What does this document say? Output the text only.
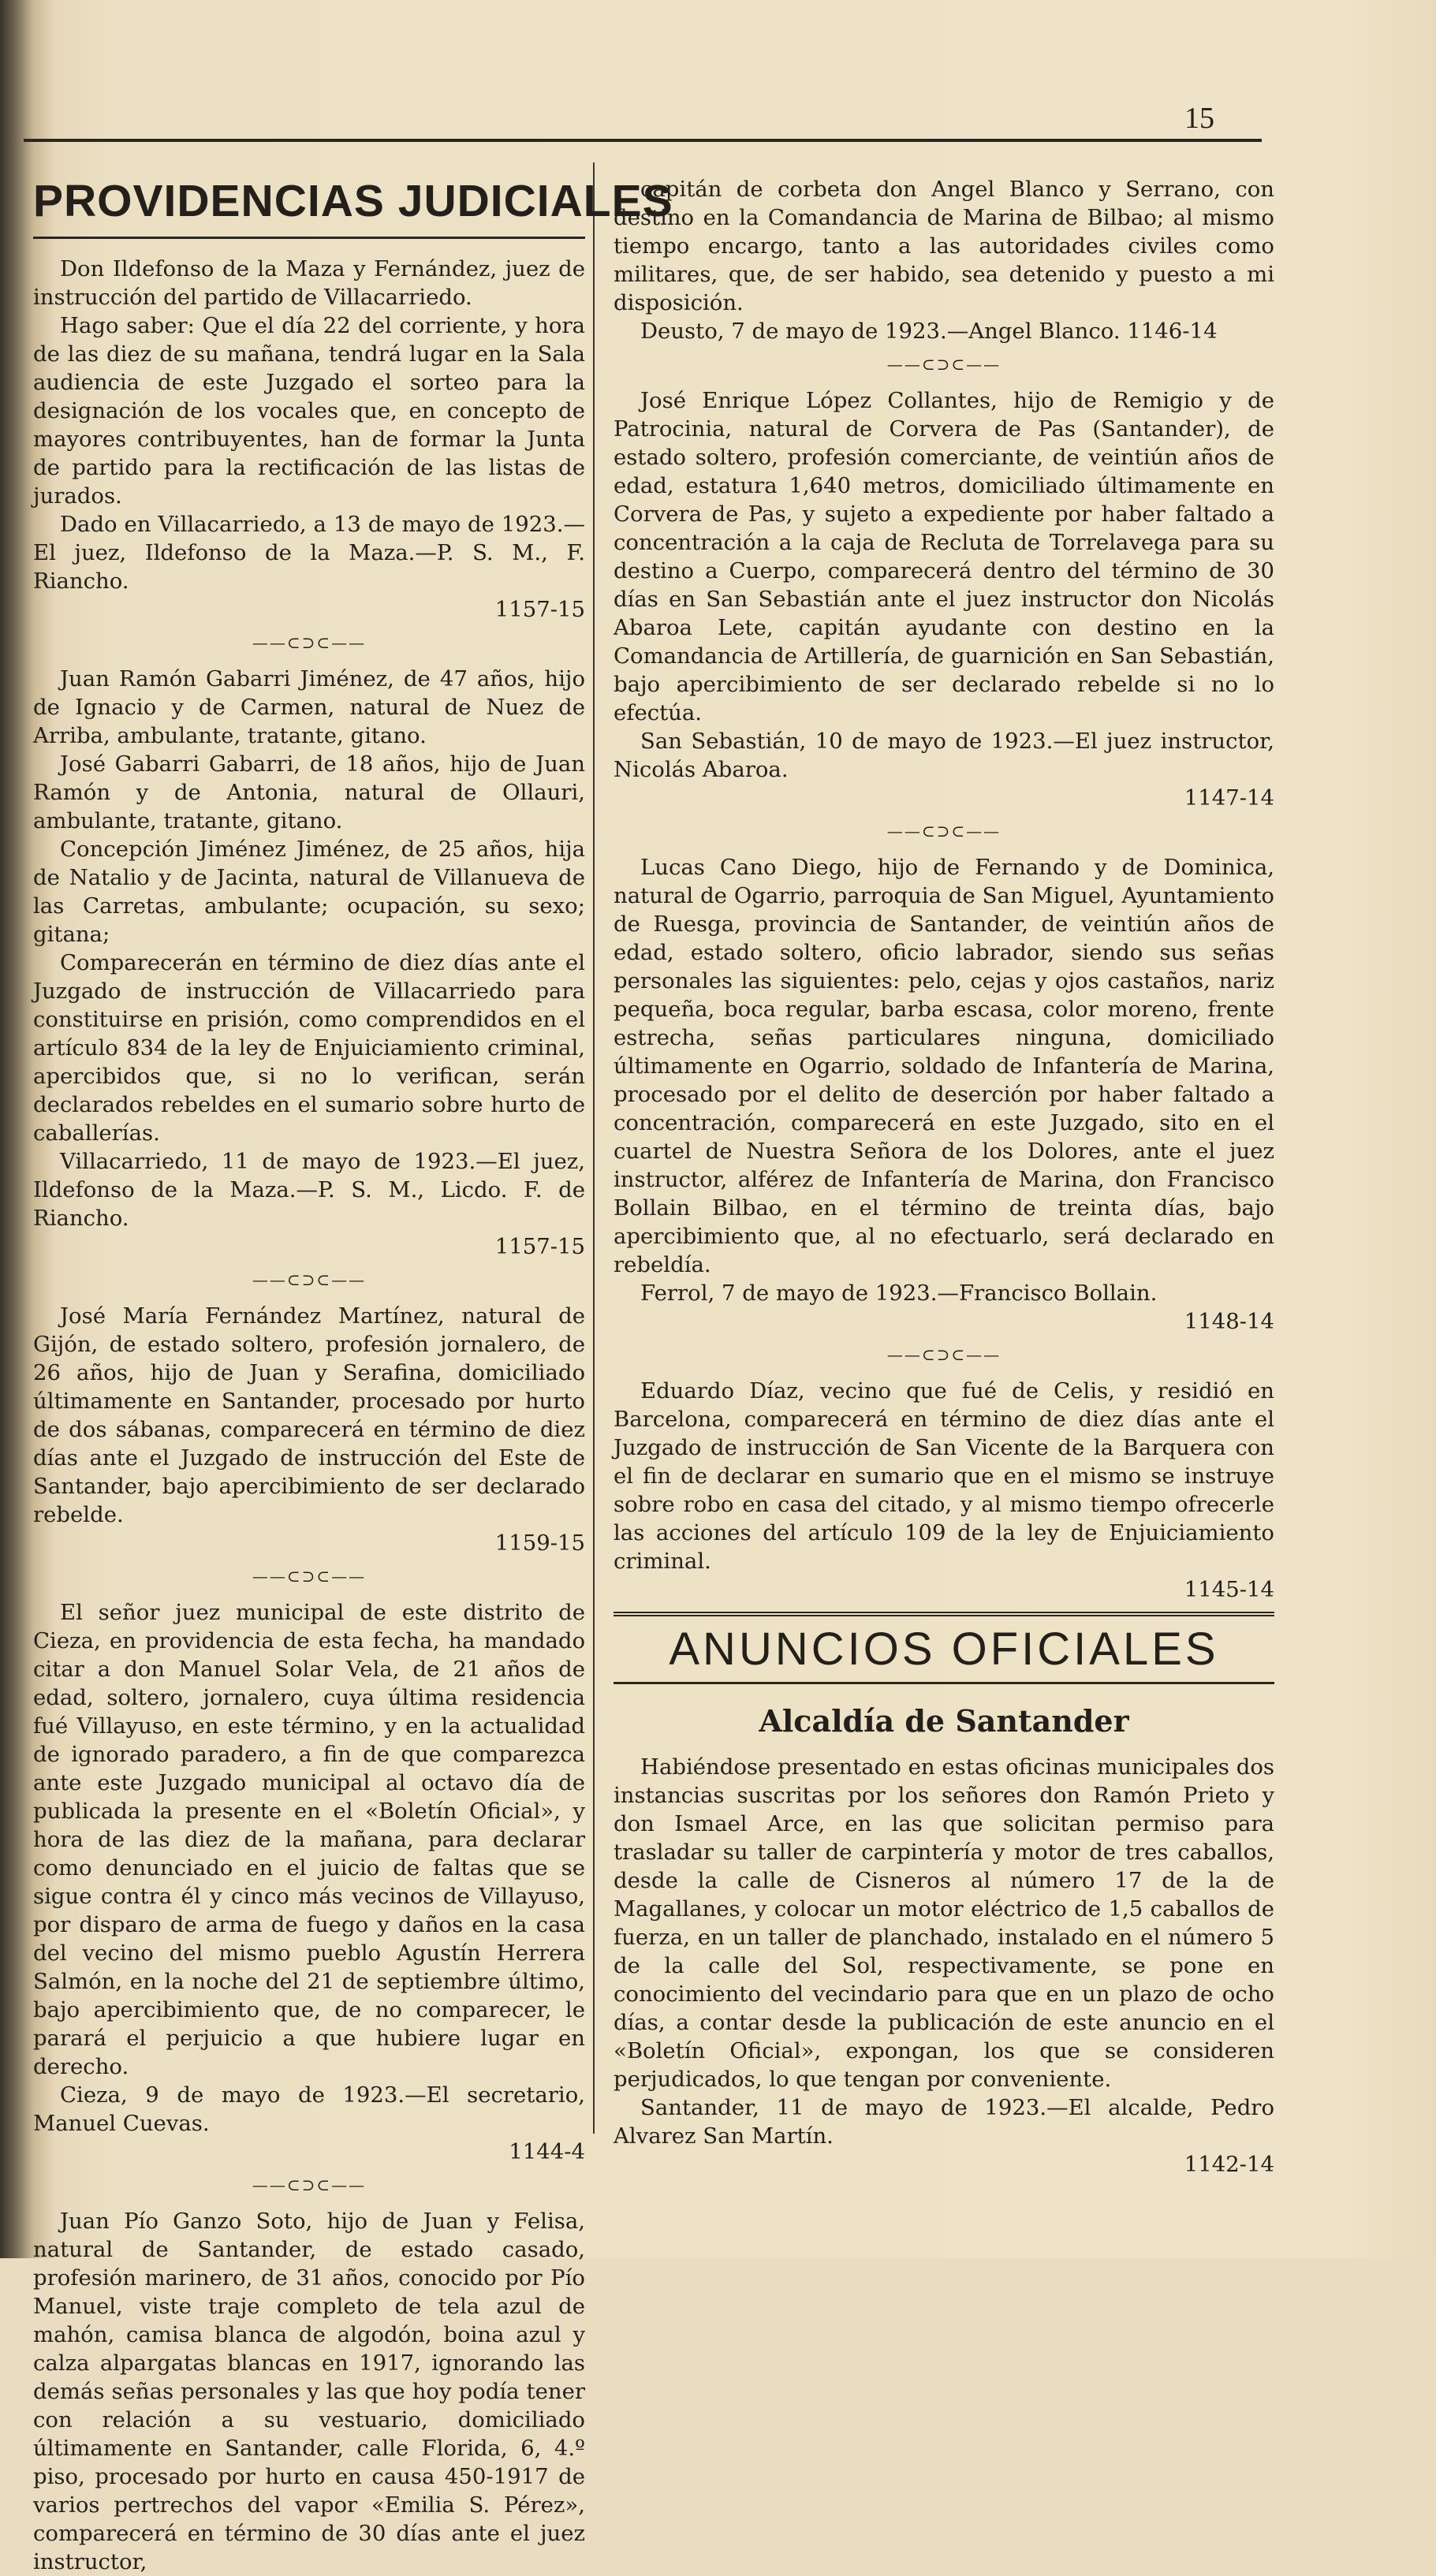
15
PROVIDENCIAS JUDICIALES

Don Ildefonso de la Maza y Fernández, juez de instrucción del partido de Villacarriedo.

Hago saber: Que el día 22 del corriente, y hora de las diez de su mañana, tendrá lugar en la Sala audiencia de este Juzgado el sorteo para la designación de los vocales que, en concepto de mayores contribuyentes, han de formar la Junta de partido para la rectificación de las listas de jurados.

Dado en Villacarriedo, a 13 de mayo de 1923.—El juez, Ildefonso de la Maza.—P. S. M., F. Riancho.

1157-15
——⊂⊃⊂——

Juan Ramón Gabarri Jiménez, de 47 años, hijo de Ignacio y de Carmen, natural de Nuez de Arriba, ambulante, tratante, gitano.

José Gabarri Gabarri, de 18 años, hijo de Juan Ramón y de Antonia, natural de Ollauri, ambulante, tratante, gitano.

Concepción Jiménez Jiménez, de 25 años, hija de Natalio y de Jacinta, natural de Villanueva de las Carretas, ambulante; ocupación, su sexo; gitana;

Comparecerán en término de diez días ante el Juzgado de instrucción de Villacarriedo para constituirse en prisión, como comprendidos en el artículo 834 de la ley de Enjuiciamiento criminal, apercibidos que, si no lo verifican, serán declarados rebeldes en el sumario sobre hurto de caballerías.

Villacarriedo, 11 de mayo de 1923.—El juez, Ildefonso de la Maza.—P. S. M., Licdo. F. de Riancho.

1157-15
——⊂⊃⊂——

José María Fernández Martínez, natural de Gijón, de estado soltero, profesión jornalero, de 26 años, hijo de Juan y Serafina, domiciliado últimamente en Santander, procesado por hurto de dos sábanas, comparecerá en término de diez días ante el Juzgado de instrucción del Este de Santander, bajo apercibimiento de ser declarado rebelde.

1159-15
——⊂⊃⊂——

El señor juez municipal de este distrito de Cieza, en providencia de esta fecha, ha mandado citar a don Manuel Solar Vela, de 21 años de edad, soltero, jornalero, cuya última residencia fué Villayuso, en este término, y en la actualidad de ignorado paradero, a fin de que comparezca ante este Juzgado municipal al octavo día de publicada la presente en el «Boletín Oficial», y hora de las diez de la mañana, para declarar como denunciado en el juicio de faltas que se sigue contra él y cinco más vecinos de Villayuso, por disparo de arma de fuego y daños en la casa del vecino del mismo pueblo Agustín Herrera Salmón, en la noche del 21 de septiembre último, bajo apercibimiento que, de no comparecer, le parará el perjuicio a que hubiere lugar en derecho.

Cieza, 9 de mayo de 1923.—El secretario, Manuel Cuevas.

1144-4
——⊂⊃⊂——

Juan Pío Ganzo Soto, hijo de Juan y Felisa, natural de Santander, de estado casado, profesión marinero, de 31 años, conocido por Pío Manuel, viste traje completo de tela azul de mahón, camisa blanca de algodón, boina azul y calza alpargatas blancas en 1917, ignorando las demás señas personales y las que hoy podía tener con relación a su vestuario, domiciliado últimamente en Santander, calle Florida, 6, 4.º piso, procesado por hurto en causa 450-1917 de varios pertrechos del vapor «Emilia S. Pérez», comparecerá en término de 30 días ante el juez instructor,

capitán de corbeta don Angel Blanco y Serrano, con destino en la Comandancia de Marina de Bilbao; al mismo tiempo encargo, tanto a las autoridades civiles como militares, que, de ser habido, sea detenido y puesto a mi disposición.

Deusto, 7 de mayo de 1923.—Angel Blanco. 1146-14

——⊂⊃⊂——

José Enrique López Collantes, hijo de Remigio y de Patrocinia, natural de Corvera de Pas (Santander), de estado soltero, profesión comerciante, de veintiún años de edad, estatura 1,640 metros, domiciliado últimamente en Corvera de Pas, y sujeto a expediente por haber faltado a concentración a la caja de Recluta de Torrelavega para su destino a Cuerpo, comparecerá dentro del término de 30 días en San Sebastián ante el juez instructor don Nicolás Abaroa Lete, capitán ayudante con destino en la Comandancia de Artillería, de guarnición en San Sebastián, bajo apercibimiento de ser declarado rebelde si no lo efectúa.

San Sebastián, 10 de mayo de 1923.—El juez instructor, Nicolás Abaroa.

1147-14
——⊂⊃⊂——

Lucas Cano Diego, hijo de Fernando y de Dominica, natural de Ogarrio, parroquia de San Miguel, Ayuntamiento de Ruesga, provincia de Santander, de veintiún años de edad, estado soltero, oficio labrador, siendo sus señas personales las siguientes: pelo, cejas y ojos castaños, nariz pequeña, boca regular, barba escasa, color moreno, frente estrecha, señas particulares ninguna, domiciliado últimamente en Ogarrio, soldado de Infantería de Marina, procesado por el delito de deserción por haber faltado a concentración, comparecerá en este Juzgado, sito en el cuartel de Nuestra Señora de los Dolores, ante el juez instructor, alférez de Infantería de Marina, don Francisco Bollain Bilbao, en el término de treinta días, bajo apercibimiento que, al no efectuarlo, será declarado en rebeldía.

Ferrol, 7 de mayo de 1923.—Francisco Bollain.

1148-14
——⊂⊃⊂——

Eduardo Díaz, vecino que fué de Celis, y residió en Barcelona, comparecerá en término de diez días ante el Juzgado de instrucción de San Vicente de la Barquera con el fin de declarar en sumario que en el mismo se instruye sobre robo en casa del citado, y al mismo tiempo ofrecerle las acciones del artículo 109 de la ley de Enjuiciamiento criminal.

1145-14
ANUNCIOS OFICIALES
Alcaldía de Santander

Habiéndose presentado en estas oficinas municipales dos instancias suscritas por los señores don Ramón Prieto y don Ismael Arce, en las que solicitan permiso para trasladar su taller de carpintería y motor de tres caballos, desde la calle de Cisneros al número 17 de la de Magallanes, y colocar un motor eléctrico de 1,5 caballos de fuerza, en un taller de planchado, instalado en el número 5 de la calle del Sol, respectivamente, se pone en conocimiento del vecindario para que en un plazo de ocho días, a contar desde la publicación de este anuncio en el «Boletín Oficial», expongan, los que se consideren perjudicados, lo que tengan por conveniente.

Santander, 11 de mayo de 1923.—El alcalde, Pedro Alvarez San Martín.

1142-14
